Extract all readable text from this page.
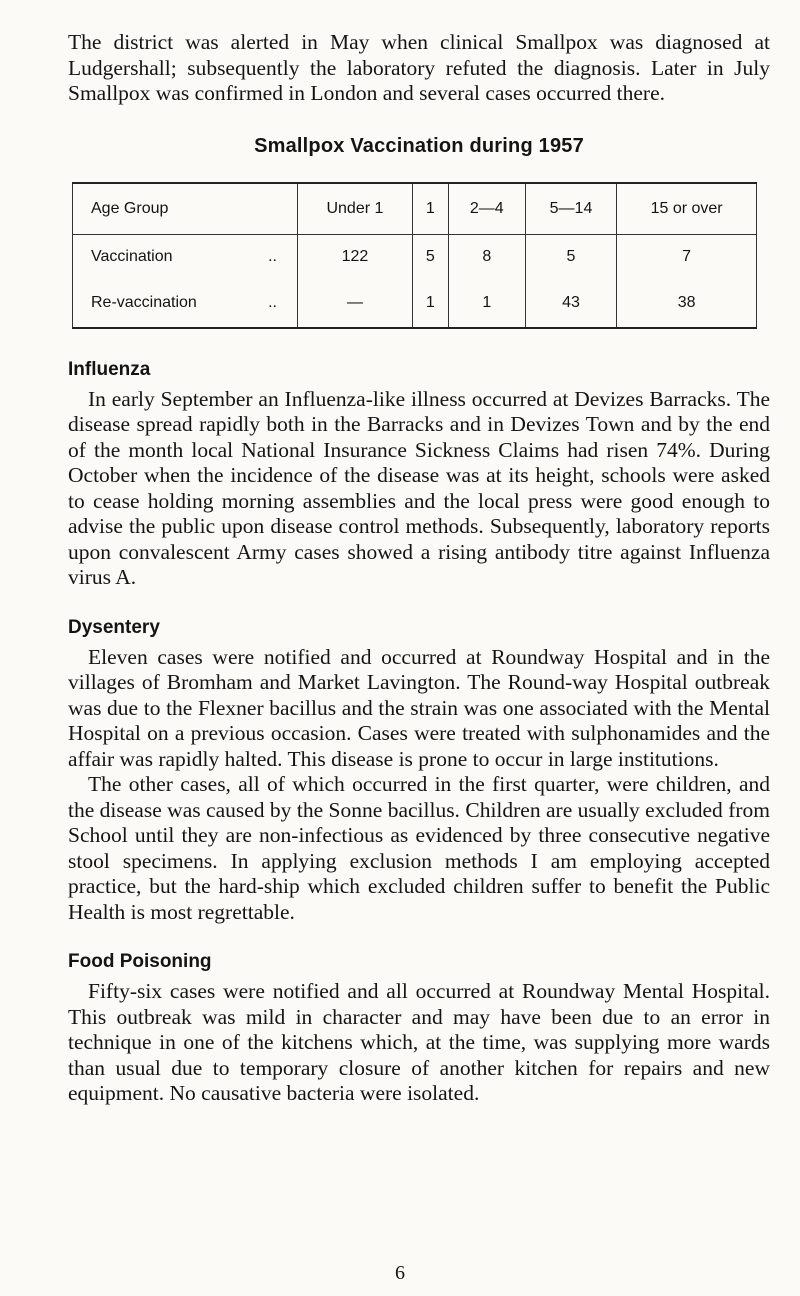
The district was alerted in May when clinical Smallpox was diagnosed at Ludgershall; subsequently the laboratory refuted the diagnosis. Later in July Smallpox was confirmed in London and several cases occurred there.

Smallpox Vaccination during 1957
Age Group	Under 1	1	2—4	5—14	15 or over
Vaccination ..	122	5	8	5	7
Re-vaccination ..	—	1	1	43	38
Influenza

In early September an Influenza-like illness occurred at Devizes Barracks. The disease spread rapidly both in the Barracks and in Devizes Town and by the end of the month local National Insurance Sickness Claims had risen 74%. During October when the incidence of the disease was at its height, schools were asked to cease holding morning assemblies and the local press were good enough to advise the public upon disease control methods. Subsequently, laboratory reports upon convalescent Army cases showed a rising antibody titre against Influenza virus A.

Dysentery

Eleven cases were notified and occurred at Roundway Hospital and in the villages of Bromham and Market Lavington. The Round-way Hospital outbreak was due to the Flexner bacillus and the strain was one associated with the Mental Hospital on a previous occasion. Cases were treated with sulphonamides and the affair was rapidly halted. This disease is prone to occur in large institutions.

The other cases, all of which occurred in the first quarter, were children, and the disease was caused by the Sonne bacillus. Children are usually excluded from School until they are non-infectious as evidenced by three consecutive negative stool specimens. In applying exclusion methods I am employing accepted practice, but the hard-ship which excluded children suffer to benefit the Public Health is most regrettable.

Food Poisoning

Fifty-six cases were notified and all occurred at Roundway Mental Hospital. This outbreak was mild in character and may have been due to an error in technique in one of the kitchens which, at the time, was supplying more wards than usual due to temporary closure of another kitchen for repairs and new equipment. No causative bacteria were isolated.

6
